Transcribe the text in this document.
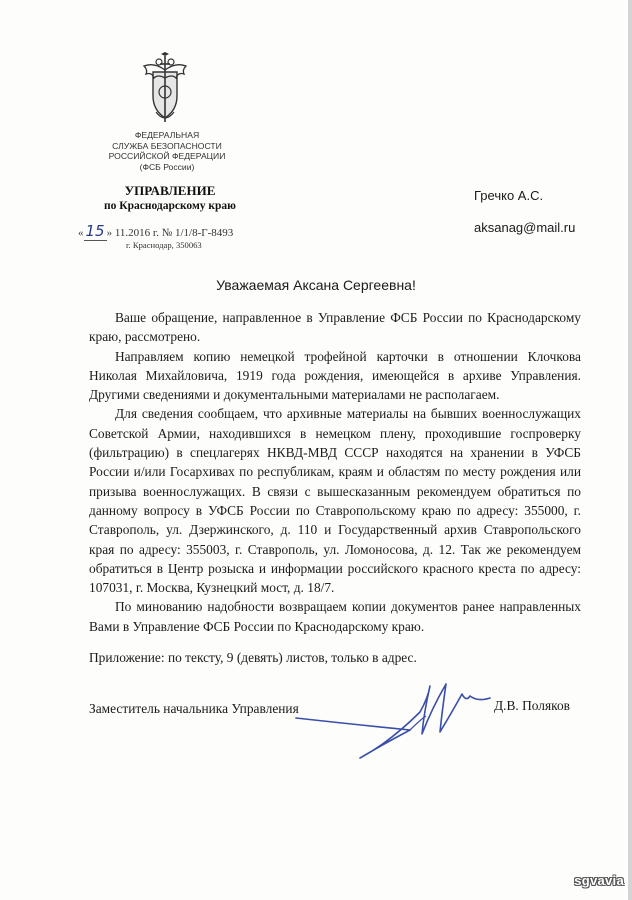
ФЕДЕРАЛЬНАЯ
СЛУЖБА БЕЗОПАСНОСТИ
РОССИЙСКОЙ ФЕДЕРАЦИИ
(ФСБ России)
УПРАВЛЕНИЕ
по Краснодарскому краю
« 15 » 11.2016 г. № 1/1/8-Г-8493
г. Краснодар, 350063
Гречко А.С.
aksanag@mail.ru
Уважаемая Аксана Сергеевна!

Ваше обращение, направленное в Управление ФСБ России по Краснодарскому краю, рассмотрено.

Направляем копию немецкой трофейной карточки в отношении Клочкова Николая Михайловича, 1919 года рождения, имеющейся в архиве Управления. Другими сведениями и документальными материалами не располагаем.

Для сведения сообщаем, что архивные материалы на бывших военнослужащих Советской Армии, находившихся в немецком плену, проходившие госпроверку (фильтрацию) в спецлагерях НКВД-МВД СССР находятся на хранении в УФСБ России и/или Госархивах по республикам, краям и областям по месту рождения или призыва военнослужащих. В связи с вышесказанным рекомендуем обратиться по данному вопросу в УФСБ России по Ставропольскому краю по адресу: 355000, г. Ставрополь, ул. Дзержинского, д. 110 и Государственный архив Ставропольского края по адресу: 355003, г. Ставрополь, ул. Ломоносова, д. 12. Так же рекомендуем обратиться в Центр розыска и информации российского красного креста по адресу: 107031, г. Москва, Кузнецкий мост, д. 18/7.

По минованию надобности возвращаем копии документов ранее направленных Вами в Управление ФСБ России по Краснодарскому краю.

Приложение: по тексту, 9 (девять) листов, только в адрес.
Заместитель начальника Управления	Д.В. Поляков
sgvavia
